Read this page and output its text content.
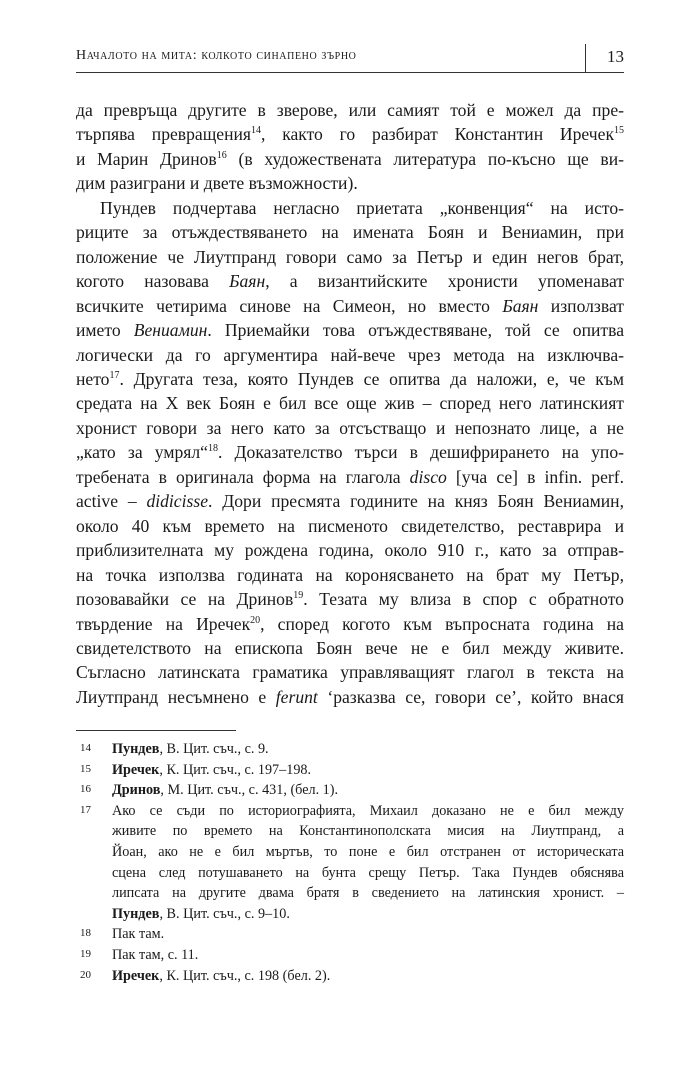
Началото на мита: колкото синапено зърно	13
да превръща другите в зверове, или самият той е можел да пре-
търпява превращения$^{14}$, както го разбират Константин Иречек$^{15}$
и Марин Дринов$^{16}$ (в художествената литература по-късно ще ви-
дим разиграни и двете възможности).
Пундев подчертава негласно приетата „конвенция“ на исто-
риците за отъждествяването на имената Боян и Вениамин, при
положение че Лиутпранд говори само за Петър и един негов брат,
когото назовава Баян, а византийските хронисти упоменават
всичките четирима синове на Симеон, но вместо Баян използват
името Вениамин. Приемайки това отъждествяване, той се опитва
логически да го аргументира най-вече чрез метода на изключва-
нето$^{17}$. Другата теза, която Пундев се опитва да наложи, е, че към
средата на X век Боян е бил все още жив – според него латинският
хронист говори за него като за отсъстващо и непознато лице, а не
„като за умрял“$^{18}$. Доказателство търси в дешифрирането на упо-
требената в оригинала форма на глагола disco [уча се] в infin. perf.
active – didicisse. Дори пресмята годините на княз Боян Вениамин,
около 40 към времето на писменото свидетелство, реставрира и
приблизителната му рождена година, около 910 г., като за отправ-
на точка използва годината на коронясването на брат му Петър,
позовавайки се на Дринов$^{19}$. Тезата му влиза в спор с обратното
твърдение на Иречек$^{20}$, според когото към въпросната година на
свидетелството на епископа Боян вече не е бил между живите.
Съгласно латинската граматика управляващият глагол в текста на
Лиутпранд несъмнено е ferunt ‘разказва се, говори се’, който внася
14	Пундев, В. Цит. съч., с. 9.
15	Иречек, К. Цит. съч., с. 197–198.
16	Дринов, М. Цит. съч., с. 431, (бел. 1).
17	Ако се съди по историографията, Михаил доказано не е бил между
живите по времето на Константинополската мисия на Лиутпранд, а
Йоан, ако не е бил мъртъв, то поне е бил отстранен от историческата
сцена след потушаването на бунта срещу Петър. Така Пундев обяснява
липсата на другите двама братя в сведението на латинския хронист. –
Пундев, В. Цит. съч., с. 9–10.
18	Пак там.
19	Пак там, с. 11.
20	Иречек, К. Цит. съч., с. 198 (бел. 2).
